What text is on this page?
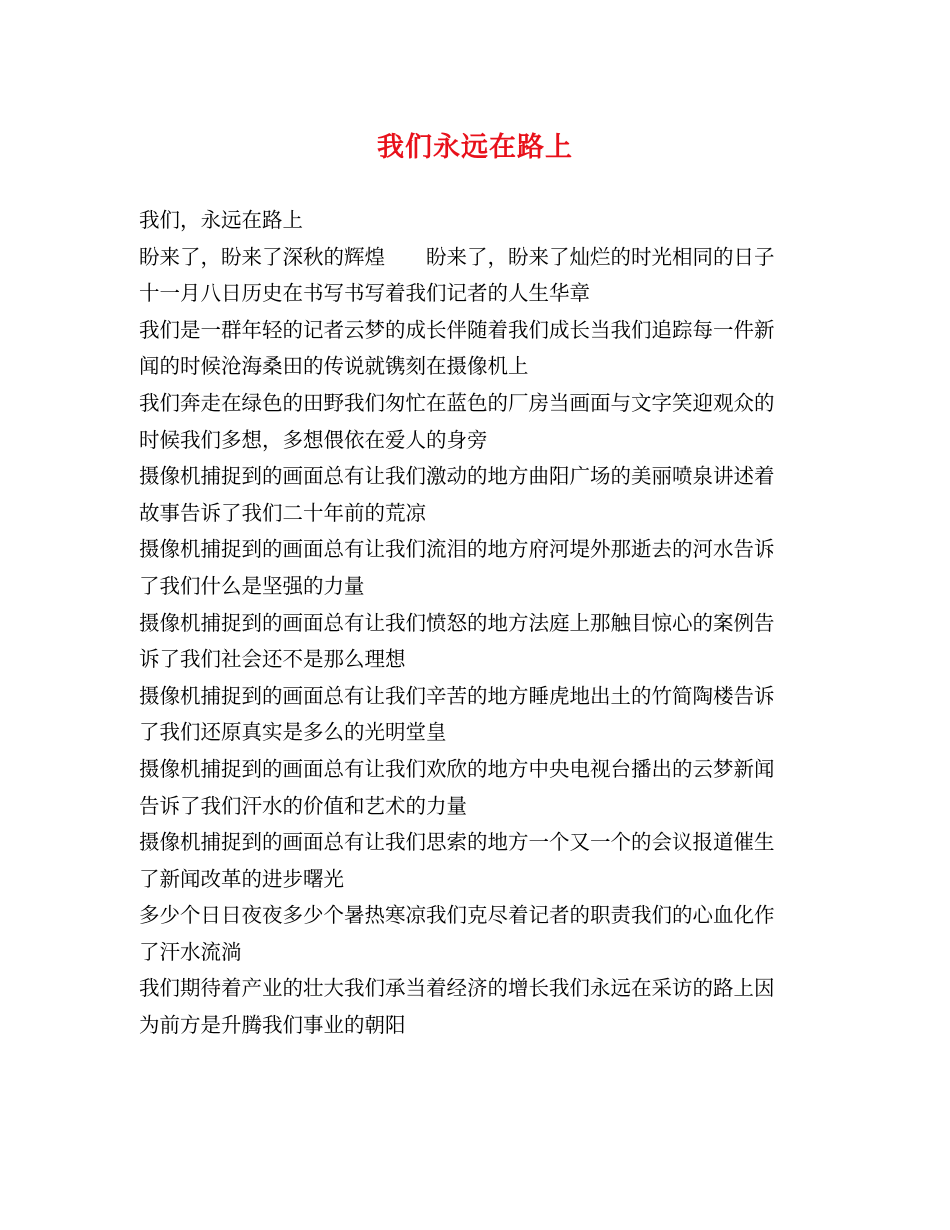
我们永远在路上

我们，永远在路上

盼来了，盼来了深秋的辉煌　　盼来了，盼来了灿烂的时光相同的日子

十一月八日历史在书写书写着我们记者的人生华章

我们是一群年轻的记者云梦的成长伴随着我们成长当我们追踪每一件新

闻的时候沧海桑田的传说就镌刻在摄像机上

我们奔走在绿色的田野我们匆忙在蓝色的厂房当画面与文字笑迎观众的

时候我们多想，多想偎依在爱人的身旁

摄像机捕捉到的画面总有让我们激动的地方曲阳广场的美丽喷泉讲述着

故事告诉了我们二十年前的荒凉

摄像机捕捉到的画面总有让我们流泪的地方府河堤外那逝去的河水告诉

了我们什么是坚强的力量

摄像机捕捉到的画面总有让我们愤怒的地方法庭上那触目惊心的案例告

诉了我们社会还不是那么理想

摄像机捕捉到的画面总有让我们辛苦的地方睡虎地出土的竹简陶楼告诉

了我们还原真实是多么的光明堂皇

摄像机捕捉到的画面总有让我们欢欣的地方中央电视台播出的云梦新闻

告诉了我们汗水的价值和艺术的力量

摄像机捕捉到的画面总有让我们思索的地方一个又一个的会议报道催生

了新闻改革的进步曙光

多少个日日夜夜多少个暑热寒凉我们克尽着记者的职责我们的心血化作

了汗水流淌

我们期待着产业的壮大我们承当着经济的增长我们永远在采访的路上因

为前方是升腾我们事业的朝阳
